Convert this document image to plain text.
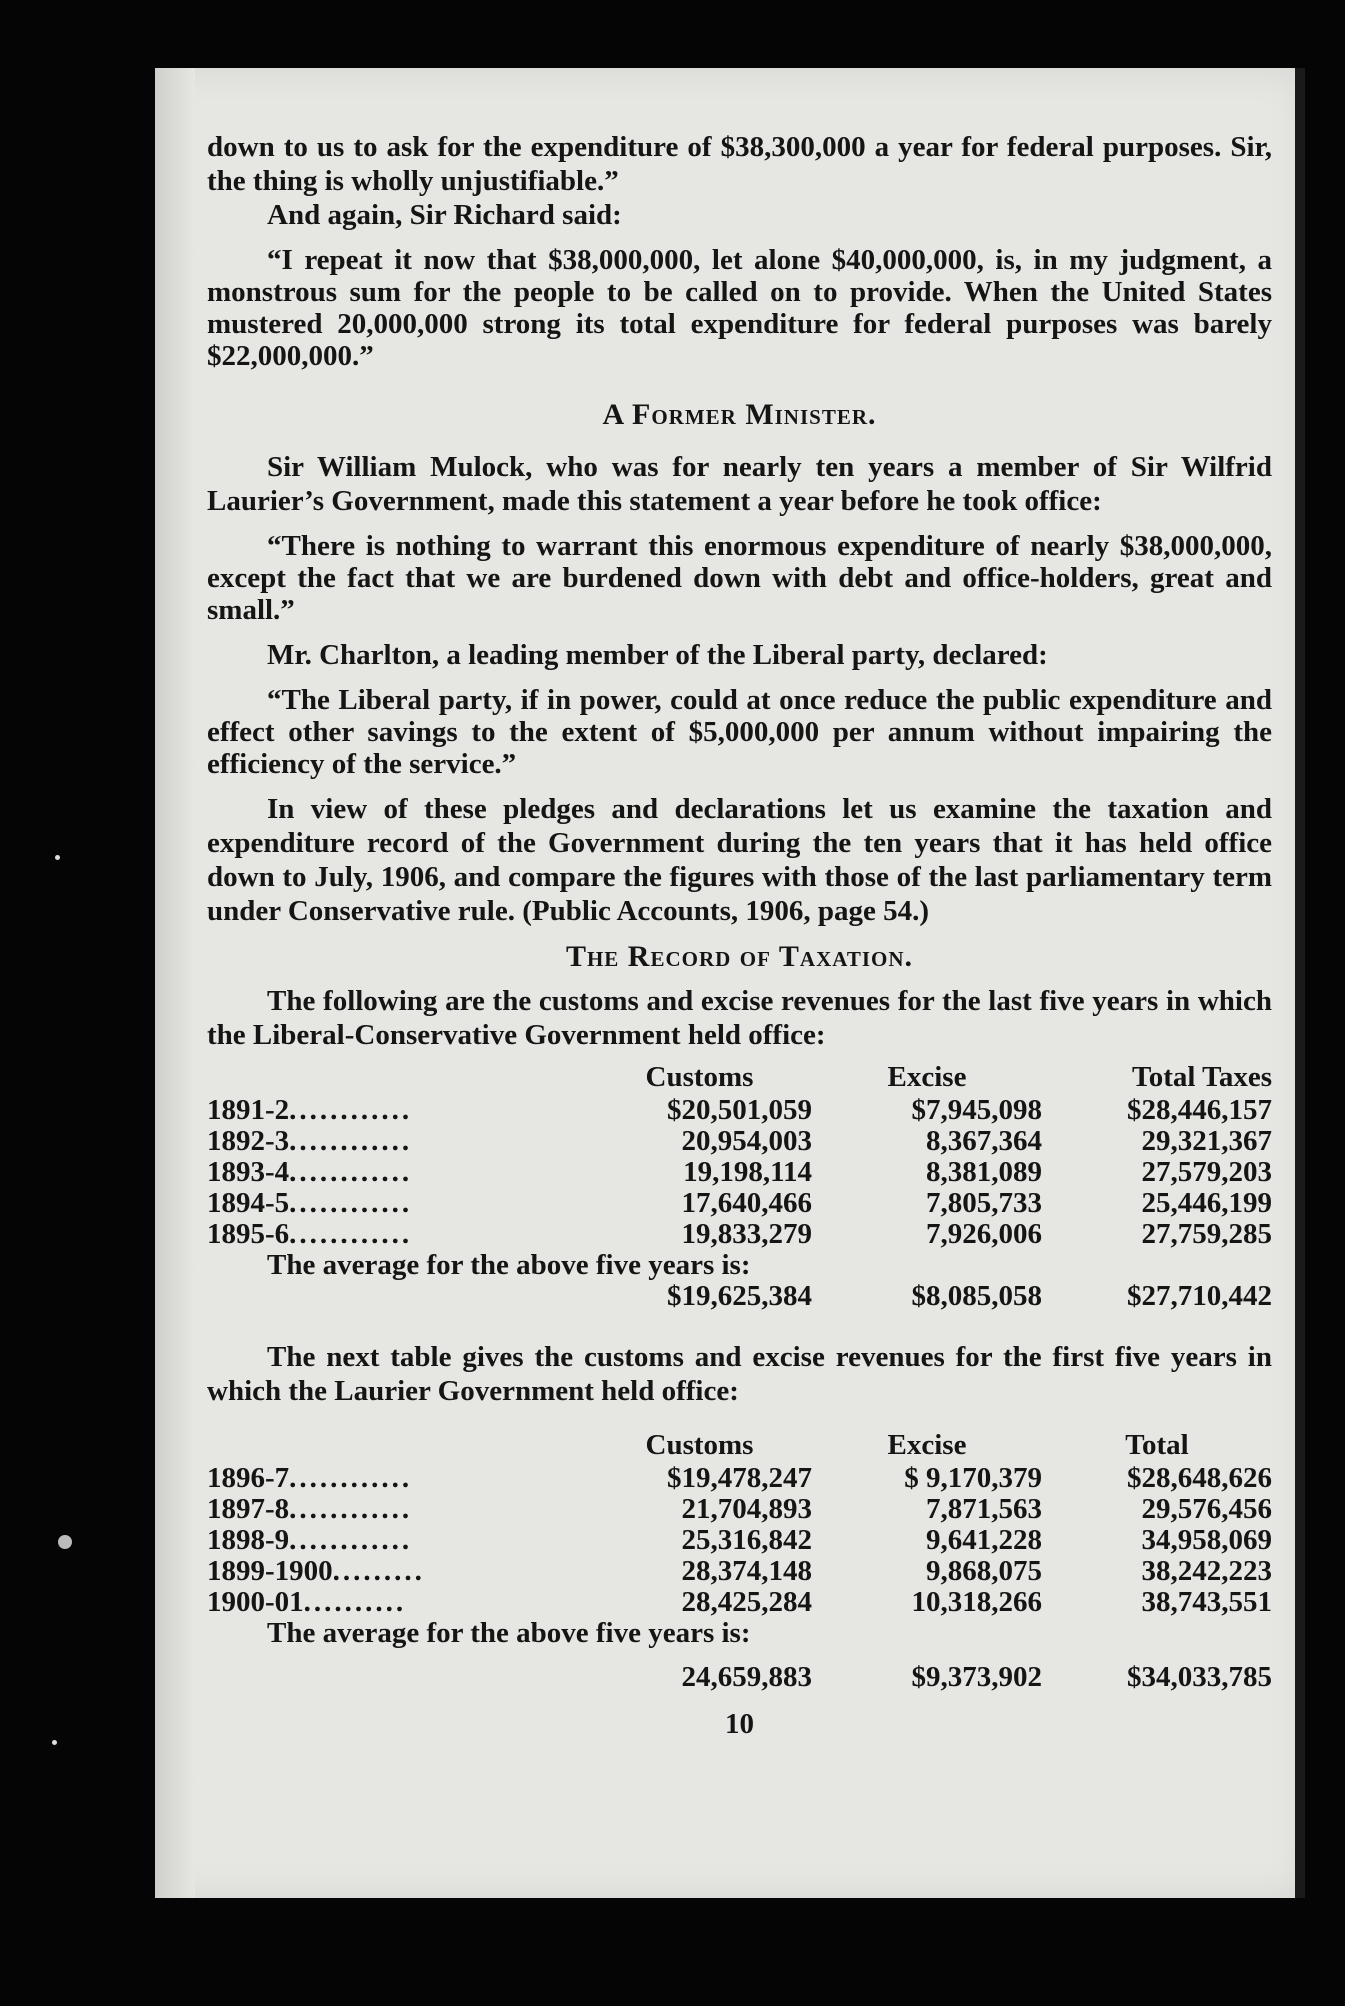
down to us to ask for the expenditure of $38,300,000 a year for federal purposes. Sir, the thing is wholly unjustifiable.”

And again, Sir Richard said:

“I repeat it now that $38,000,000, let alone $40,000,000, is, in my judgment, a monstrous sum for the people to be called on to provide. When the United States mustered 20,000,000 strong its total expenditure for federal purposes was barely $22,000,000.”

A Former Minister.

Sir William Mulock, who was for nearly ten years a member of Sir Wilfrid Laurier’s Government, made this statement a year before he took office:

“There is nothing to warrant this enormous expenditure of nearly $38,000,000, except the fact that we are burdened down with debt and office-holders, great and small.”

Mr. Charlton, a leading member of the Liberal party, declared:

“The Liberal party, if in power, could at once reduce the public expenditure and effect other savings to the extent of $5,000,000 per annum without impairing the efficiency of the service.”

In view of these pledges and declarations let us examine the taxation and expenditure record of the Government during the ten years that it has held office down to July, 1906, and compare the figures with those of the last parliamentary term under Conservative rule. (Public Accounts, 1906, page 54.)

The Record of Taxation.

The following are the customs and excise revenues for the last five years in which the Liberal-Conservative Government held office:

	Customs	Excise	Total Taxes
1891-2............	$20,501,059	$7,945,098	$28,446,157
1892-3............	20,954,003	8,367,364	29,321,367
1893-4............	19,198,114	8,381,089	27,579,203
1894-5............	17,640,466	7,805,733	25,446,199
1895-6............	19,833,279	7,926,006	27,759,285
The average for the above five years is:			
	$19,625,384	$8,085,058	$27,710,442

The next table gives the customs and excise revenues for the first five years in which the Laurier Government held office:

	Customs	Excise	Total
1896-7............	$19,478,247	$ 9,170,379	$28,648,626
1897-8............	21,704,893	7,871,563	29,576,456
1898-9............	25,316,842	9,641,228	34,958,069
1899-1900.........	28,374,148	9,868,075	38,242,223
1900-01..........	28,425,284	10,318,266	38,743,551
The average for the above five years is:			
	24,659,883	$9,373,902	$34,033,785
10
